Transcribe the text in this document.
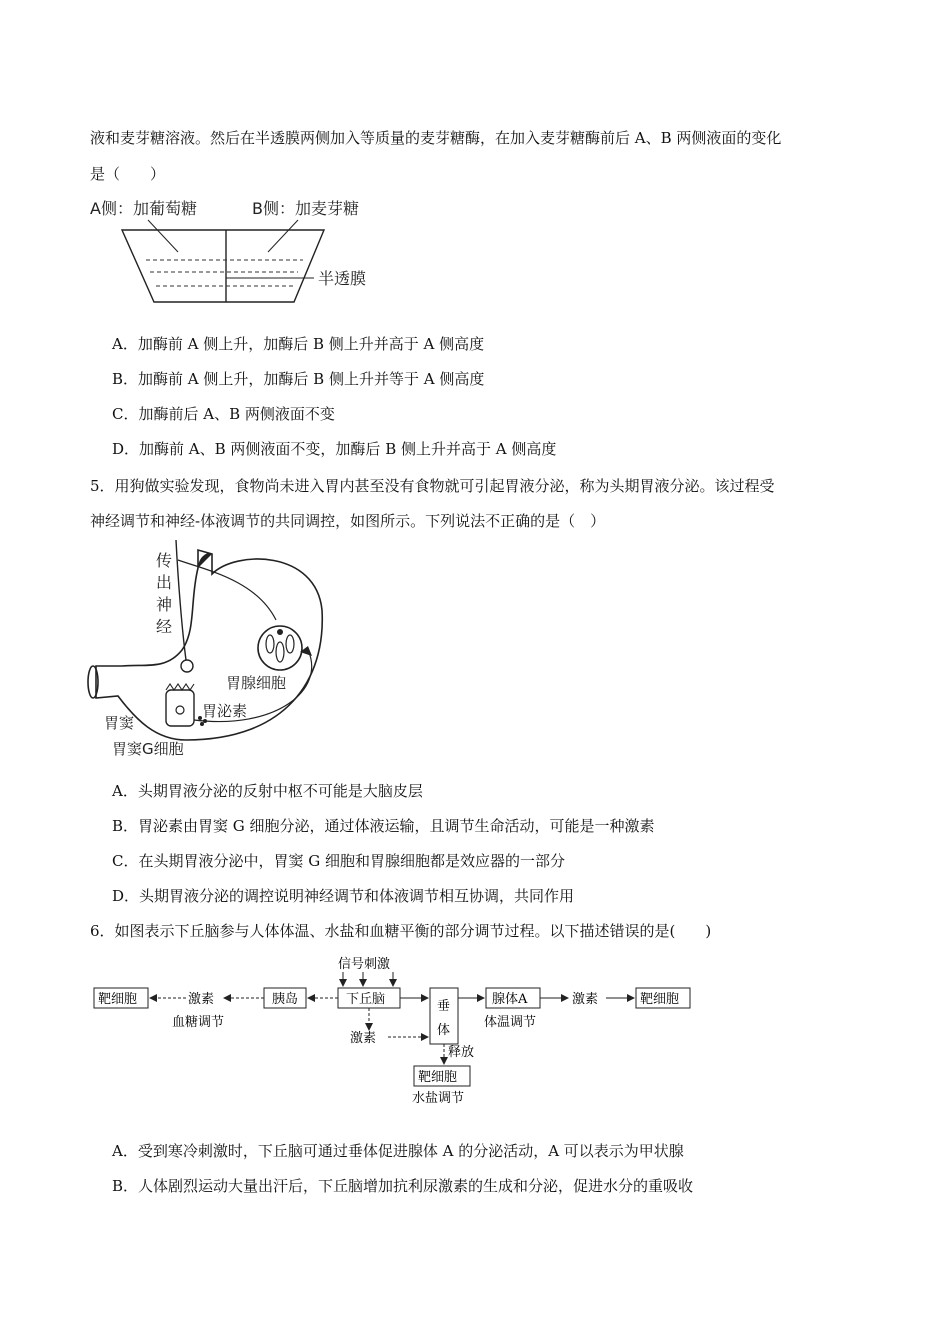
液和麦芽糖溶液。然后在半透膜两侧加入等质量的麦芽糖酶，在加入麦芽糖酶前后 A、B 两侧液面的变化
是（　　）
A侧：加葡萄糖	B侧：加麦芽糖
半透膜
A．加酶前 A 侧上升，加酶后 B 侧上升并高于 A 侧高度
B．加酶前 A 侧上升，加酶后 B 侧上升并等于 A 侧高度
C．加酶前后 A、B 两侧液面不变
D．加酶前 A、B 两侧液面不变，加酶后 B 侧上升并高于 A 侧高度
5．用狗做实验发现，食物尚未进入胃内甚至没有食物就可引起胃液分泌，称为头期胃液分泌。该过程受
神经调节和神经-体液调节的共同调控，如图所示。下列说法不正确的是（　）
传
出
神
经
胃腺细胞
胃泌素
胃窦
胃窦G细胞
A．头期胃液分泌的反射中枢不可能是大脑皮层
B．胃泌素由胃窦 G 细胞分泌，通过体液运输，且调节生命活动，可能是一种激素
C．在头期胃液分泌中，胃窦 G 细胞和胃腺细胞都是效应器的一部分
D．头期胃液分泌的调控说明神经调节和体液调节相互协调，共同作用
6．如图表示下丘脑参与人体体温、水盐和血糖平衡的部分调节过程。以下描述错误的是(　　)
信号刺激
下丘脑
胰岛
激素
靶细胞
血糖调节
激素
垂
体
腺体A
体温调节
激素	靶细胞
释放
靶细胞
水盐调节
A．受到寒冷刺激时，下丘脑可通过垂体促进腺体 A 的分泌活动，A 可以表示为甲状腺
B．人体剧烈运动大量出汗后，下丘脑增加抗利尿激素的生成和分泌，促进水分的重吸收
